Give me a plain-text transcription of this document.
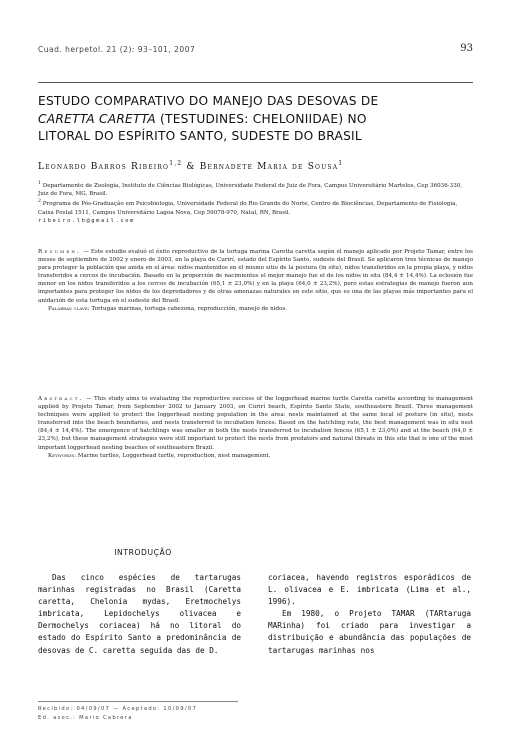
Cuad. herpetol. 21 (2): 93–101, 2007	93
ESTUDO COMPARATIVO DO MANEJO DAS DESOVAS DE
CARETTA CARETTA (TESTUDINES: CHELONIIDAE) NO
LITORAL DO ESPÍRITO SANTO, SUDESTE DO BRASIL
Leonardo Barros Ribeiro$^{1,2}$ & Bernadete Maria de Sousa$^1$

$^1$ Departamento de Zoologia, Instituto de Ciências Biológicas, Universidade Federal de Juiz de Fora, Campus Universitário Martelos, Cep 36036-330, Juiz de Fora, MG, Brasil.

$^2$ Programa de Pós-Graduação em Psicobiologia, Universidade Federal do Rio Grande do Norte, Centro de Biociências, Departamento de Fisiologia, Caixa Postal 1511, Campus Universitário Lagoa Nova, Cep 59078-970, Natal, RN, Brasil.

ribeiro.lb@gmail.com

Resumen. — Este estudio evaluó el éxito reproductivo de la tortuga marina Caretta caretta según el manejo aplicado por Projeto Tamar, entre los meses de septiembre de 2002 y enero de 2003, en la playa de Curirí, estado del Espírito Santo, sudeste del Brasil. Se aplicaron tres técnicas de manejo para proteger la población que anida en el área: nidos mantenidos en el mismo sitio de la postura (in situ), nidos transferidos en la propia playa, y nidos transferidos a cercos de incubación. Basado en la proporción de nacimientos el mejor manejo fue el de los nidos in situ (84,4 ± 14,4%). La eclosión fue menor en los nidos transferidos a los cercos de incubación (65,1 ± 23,0%) y en la playa (64,0 ± 23,2%), pero estas estrategias de manejo fueron aun importantes para proteger los nidos de los depredadores y de otras amenazas naturales en este sitio, que es una de las playas más importantes para el anidación de esta tortuga en el sudeste del Brasil.

Palabras clave: Tortugas marinas, tortuga cabezona, reproducción, manejo de nidos.

Abstract. — This study aims to evaluating the reproductive success of the loggerhead marine turtle Caretta caretta according to management applied by Projeto Tamar, from September 2002 to January 2003, on Curirí beach, Espírito Santo State, southeastern Brazil. Three management techniques were applied to protect the loggerhead nesting population in the area: nests maintained at the same local of posture (in situ), nests transferred into the beach boundaries, and nests transferred to incubation fences. Based on the hatchling rate, the best management was in situ nest (84,4 ± 14,4%). The emergence of hatchlings was smaller in both the nests transferred to incubation fences (65,1 ± 23,0%) and at the beach (64,0 ± 23,2%), but these management strategies were still important to protect the nests from predators and natural threats in this site that is one of the most important loggerhead nesting beaches of southeastern Brazil.

Keywords: Marine turtles, Loggerhead turtle, reproduction, nest management.

INTRODUÇÃO

Das cinco espécies de tartarugas marinhas registradas no Brasil (Caretta caretta, Chelonia mydas, Eretmochelys imbricata, Lepidochelys olivacea e Dermochelys coriacea) há no litoral do estado do Espírito Santo a predominância de desovas de C. caretta seguida das de D.

coriacea, havendo registros esporádicos de L. olivacea e E. imbricata (Lima et al., 1996).

Em 1980, o Projeto TAMAR (TARtaruga MARinha) foi criado para investigar a distribuição e abundância das populações de tartarugas marinhas nos

Recibido: 04/09/07 — Aceptado: 10/09/07

Ed. asoc.: Mario Cabrera
